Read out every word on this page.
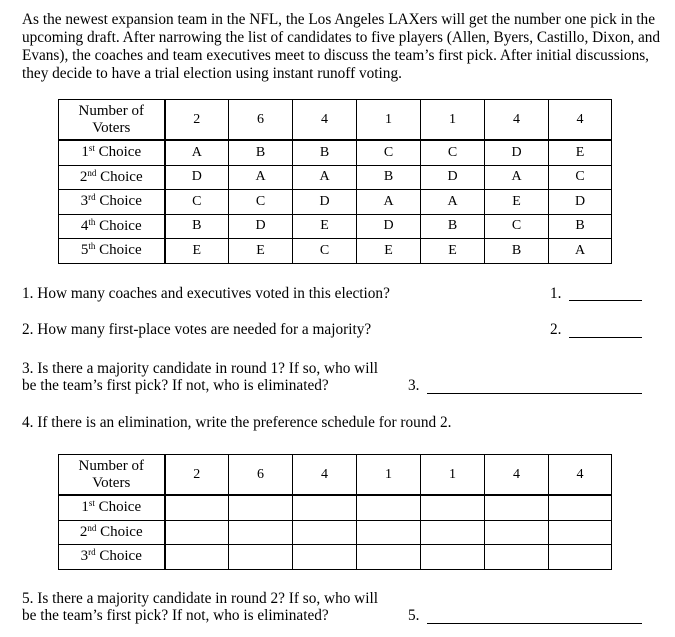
As the newest expansion team in the NFL, the Los Angeles LAXers will get the number one pick in the upcoming draft. After narrowing the list of candidates to five players (Allen, Byers, Castillo, Dixon, and Evans), the coaches and team executives meet to discuss the team’s first pick. After initial discussions, they decide to have a trial election using instant runoff voting.

Number of
Voters	2	6	4	1	1	4	4
1st Choice	A	B	B	C	C	D	E
2nd Choice	D	A	A	B	D	A	C
3rd Choice	C	C	D	A	A	E	D
4th Choice	B	D	E	D	B	C	B
5th Choice	E	E	C	E	E	B	A

1. How many coaches and executives voted in this election?	1.

2. How many first-place votes are needed for a majority?	2.

3. Is there a majority candidate in round 1? If so, who will

be the team’s first pick? If not, who is eliminated?	3.

4. If there is an elimination, write the preference schedule for round 2.

Number of
Voters	2	6	4	1	1	4	4
1st Choice							
2nd Choice							
3rd Choice							

5. Is there a majority candidate in round 2? If so, who will

be the team’s first pick? If not, who is eliminated?	5.
